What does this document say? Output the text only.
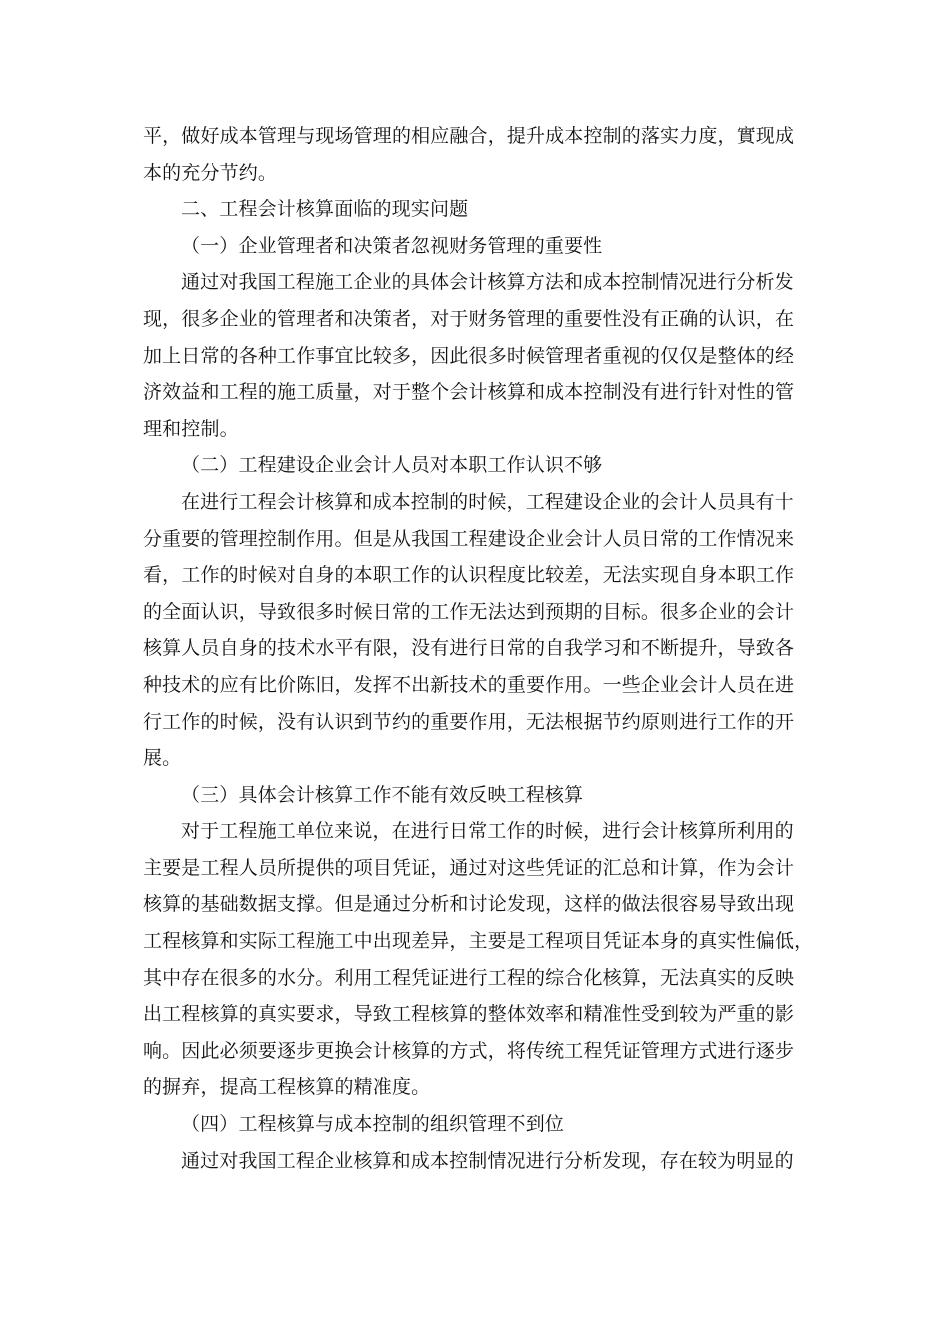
平，做好成本管理与现场管理的相应融合，提升成本控制的落实力度，實现成
本的充分节约。
二、工程会计核算面临的现实问题
（一）企业管理者和决策者忽视财务管理的重要性
通过对我国工程施工企业的具体会计核算方法和成本控制情况进行分析发
现，很多企业的管理者和决策者，对于财务管理的重要性没有正确的认识，在
加上日常的各种工作事宜比较多，因此很多时候管理者重视的仅仅是整体的经
济效益和工程的施工质量，对于整个会计核算和成本控制没有进行针对性的管
理和控制。
（二）工程建设企业会计人员对本职工作认识不够
在进行工程会计核算和成本控制的时候，工程建设企业的会计人员具有十
分重要的管理控制作用。但是从我国工程建设企业会计人员日常的工作情况来
看，工作的时候对自身的本职工作的认识程度比较差，无法实现自身本职工作
的全面认识，导致很多时候日常的工作无法达到预期的目标。很多企业的会计
核算人员自身的技术水平有限，没有进行日常的自我学习和不断提升，导致各
种技术的应有比价陈旧，发挥不出新技术的重要作用。一些企业会计人员在进
行工作的时候，没有认识到节约的重要作用，无法根据节约原则进行工作的开
展。
（三）具体会计核算工作不能有效反映工程核算
对于工程施工单位来说，在进行日常工作的时候，进行会计核算所利用的
主要是工程人员所提供的项目凭证，通过对这些凭证的汇总和计算，作为会计
核算的基础数据支撑。但是通过分析和讨论发现，这样的做法很容易导致出现
工程核算和实际工程施工中出现差异，主要是工程项目凭证本身的真实性偏低，
其中存在很多的水分。利用工程凭证进行工程的综合化核算，无法真实的反映
出工程核算的真实要求，导致工程核算的整体效率和精准性受到较为严重的影
响。因此必须要逐步更换会计核算的方式，将传统工程凭证管理方式进行逐步
的摒弃，提高工程核算的精准度。
（四）工程核算与成本控制的组织管理不到位
通过对我国工程企业核算和成本控制情况进行分析发现，存在较为明显的
